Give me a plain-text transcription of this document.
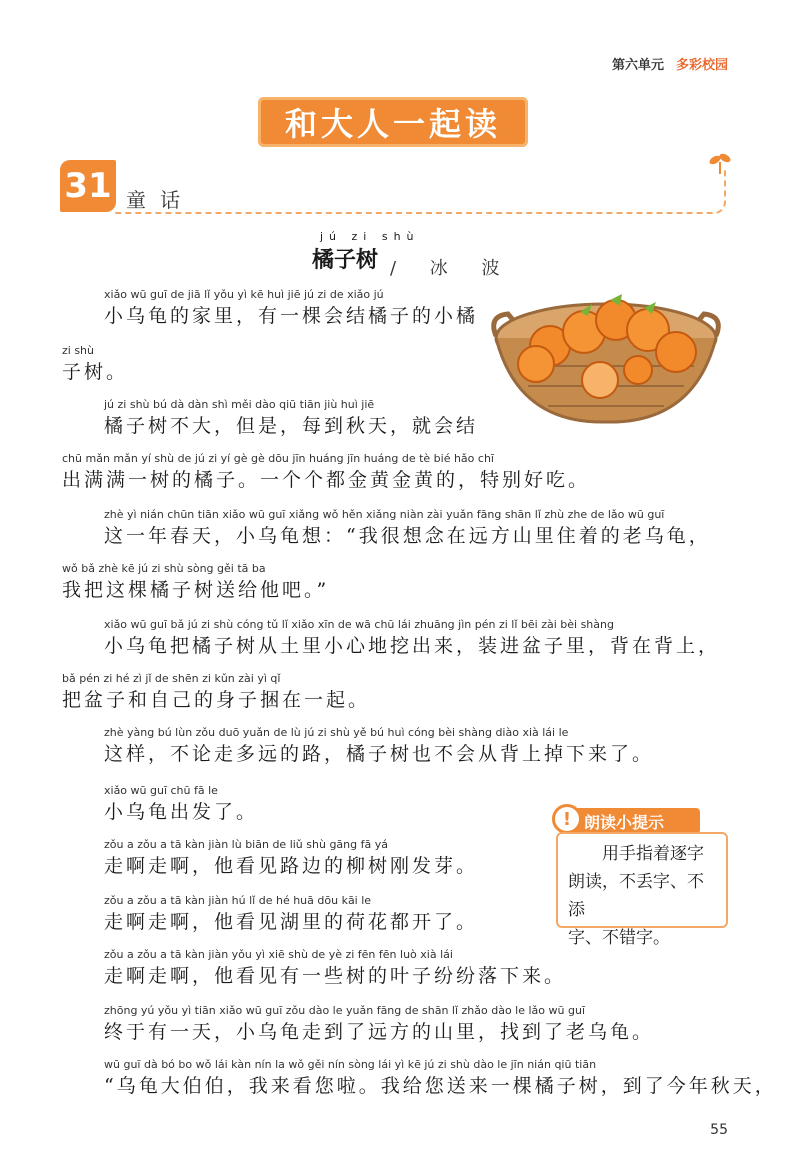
第六单元 多彩校园
和大人一起读
31 童话
jú zi shù
橘子树 / 冰 波
xiǎo wū guī de jiā lǐ yǒu yì kē huì jiē jú zi de xiǎo jú
小乌龟的家里，有一棵会结橘子的小橘
zi shù
子树。
jú zi shù bú dà dàn shì měi dào qiū tiān jiù huì jiē
橘子树不大，但是，每到秋天，就会结
chū mǎn mǎn yí shù de jú zi yí gè gè dōu jīn huáng jīn huáng de tè bié hǎo chī
出满满一树的橘子。一个个都金黄金黄的，特别好吃。
zhè yì nián chūn tiān xiǎo wū guī xiǎng wǒ hěn xiǎng niàn zài yuǎn fāng shān lǐ zhù zhe de lǎo wū guī
这一年春天，小乌龟想：“我很想念在远方山里住着的老乌龟，
wǒ bǎ zhè kē jú zi shù sòng gěi tā ba
我把这棵橘子树送给他吧。”
xiǎo wū guī bǎ jú zi shù cóng tǔ lǐ xiǎo xīn de wā chū lái zhuāng jìn pén zi lǐ bēi zài bèi shàng
小乌龟把橘子树从土里小心地挖出来，装进盆子里，背在背上，
bǎ pén zi hé zì jǐ de shēn zi kǔn zài yì qǐ
把盆子和自己的身子捆在一起。
zhè yàng bú lùn zǒu duō yuǎn de lù jú zi shù yě bú huì cóng bèi shàng diào xià lái le
这样，不论走多远的路，橘子树也不会从背上掉下来了。
xiǎo wū guī chū fā le
小乌龟出发了。
zǒu a zǒu a tā kàn jiàn lù biān de liǔ shù gāng fā yá
走啊走啊，他看见路边的柳树刚发芽。
zǒu a zǒu a tā kàn jiàn hú lǐ de hé huā dōu kāi le
走啊走啊，他看见湖里的荷花都开了。
zǒu a zǒu a tā kàn jiàn yǒu yì xiē shù de yè zi fēn fēn luò xià lái
走啊走啊，他看见有一些树的叶子纷纷落下来。
zhōng yú yǒu yì tiān xiǎo wū guī zǒu dào le yuǎn fāng de shān lǐ zhǎo dào le lǎo wū guī
终于有一天，小乌龟走到了远方的山里，找到了老乌龟。
wū guī dà bó bo wǒ lái kàn nín la wǒ gěi nín sòng lái yì kē jú zi shù dào le jīn nián qiū tiān
“乌龟大伯伯，我来看您啦。我给您送来一棵橘子树，到了今年秋天，
朗读小提示
!
用手指着逐字
朗读，不丢字、不添
字、不错字。
55
